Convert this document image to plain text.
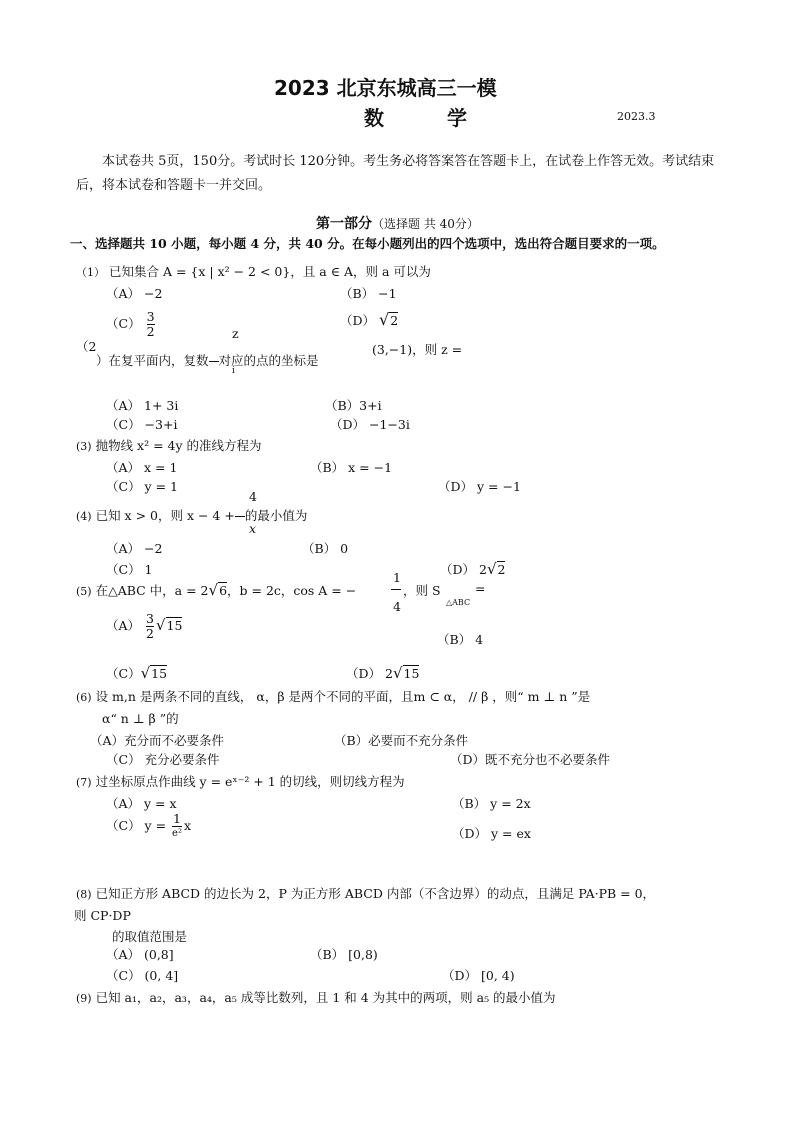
2023 北京东城高三一模
数 学	2023.3
本试卷共 5页，150分。考试时长 120分钟。考生务必将答案答在答题卡上，在试卷上作答无效。考试结束后，将本试卷和答题卡一并交回。
第一部分（选择题 共 40分）
一、选择题共 10 小题，每小题 4 分，共 40 分。在每小题列出的四个选项中，选出符合题目要求的一项。
（1） 已知集合 A = {x | x² − 2 < 0}，且 a ∈ A，则 a 可以为
（A） −2	（B） −1
$(C) \frac{3}{2}$	（D） √2
（2
z
i
）在复平面内，复数 对应的点的坐标是
(3,−1)，则 z =
（A） 1+ 3i	（B）3+i
（C） −3+i	（D） −1−3i
(3) 抛物线 x² = 4y 的准线方程为
（A） x = 1	（B） x = −1
（C） y = 1	（D） y = −1
4
(4) 已知 x > 0，则 x − 4 + 的最小值为
x
（A） −2	（B） 0
（C） 1	（D） 2√2
(5) 在△ABC 中，a = 2√6，b = 2c，cos A = −
1
4
，则 S
△ABC
=
$(A) \frac{3}{2} √15$
（B） 4
（C）√15	（D） 2√15
(6) 设 m,n 是两条不同的直线， α，β 是两个不同的平面，且m ⊂ α， // β ，则“ m ⊥ n ”是
α“ n ⊥ β ”的
（A）充分而不必要条件	（B）必要而不充分条件
（C） 充分必要条件	（D）既不充分也不必要条件
(7) 过坐标原点作曲线 y = eˣ⁻² + 1 的切线，则切线方程为
（A） y = x	（B） y = 2x
（C） $y = \frac{1}{\text{e²}}$ x
（D） y = ex
(8) 已知正方形 ABCD 的边长为 2，P 为正方形 ABCD 内部（不含边界）的动点，且满足 PA·PB = 0，
则 CP·DP
的取值范围是
（A） (0,8]	（B） [0,8)
（C） (0, 4]	（D） [0, 4)
(9) 已知 a₁，a₂，a₃，a₄，a₅ 成等比数列，且 1 和 4 为其中的两项，则 a₅ 的最小值为
